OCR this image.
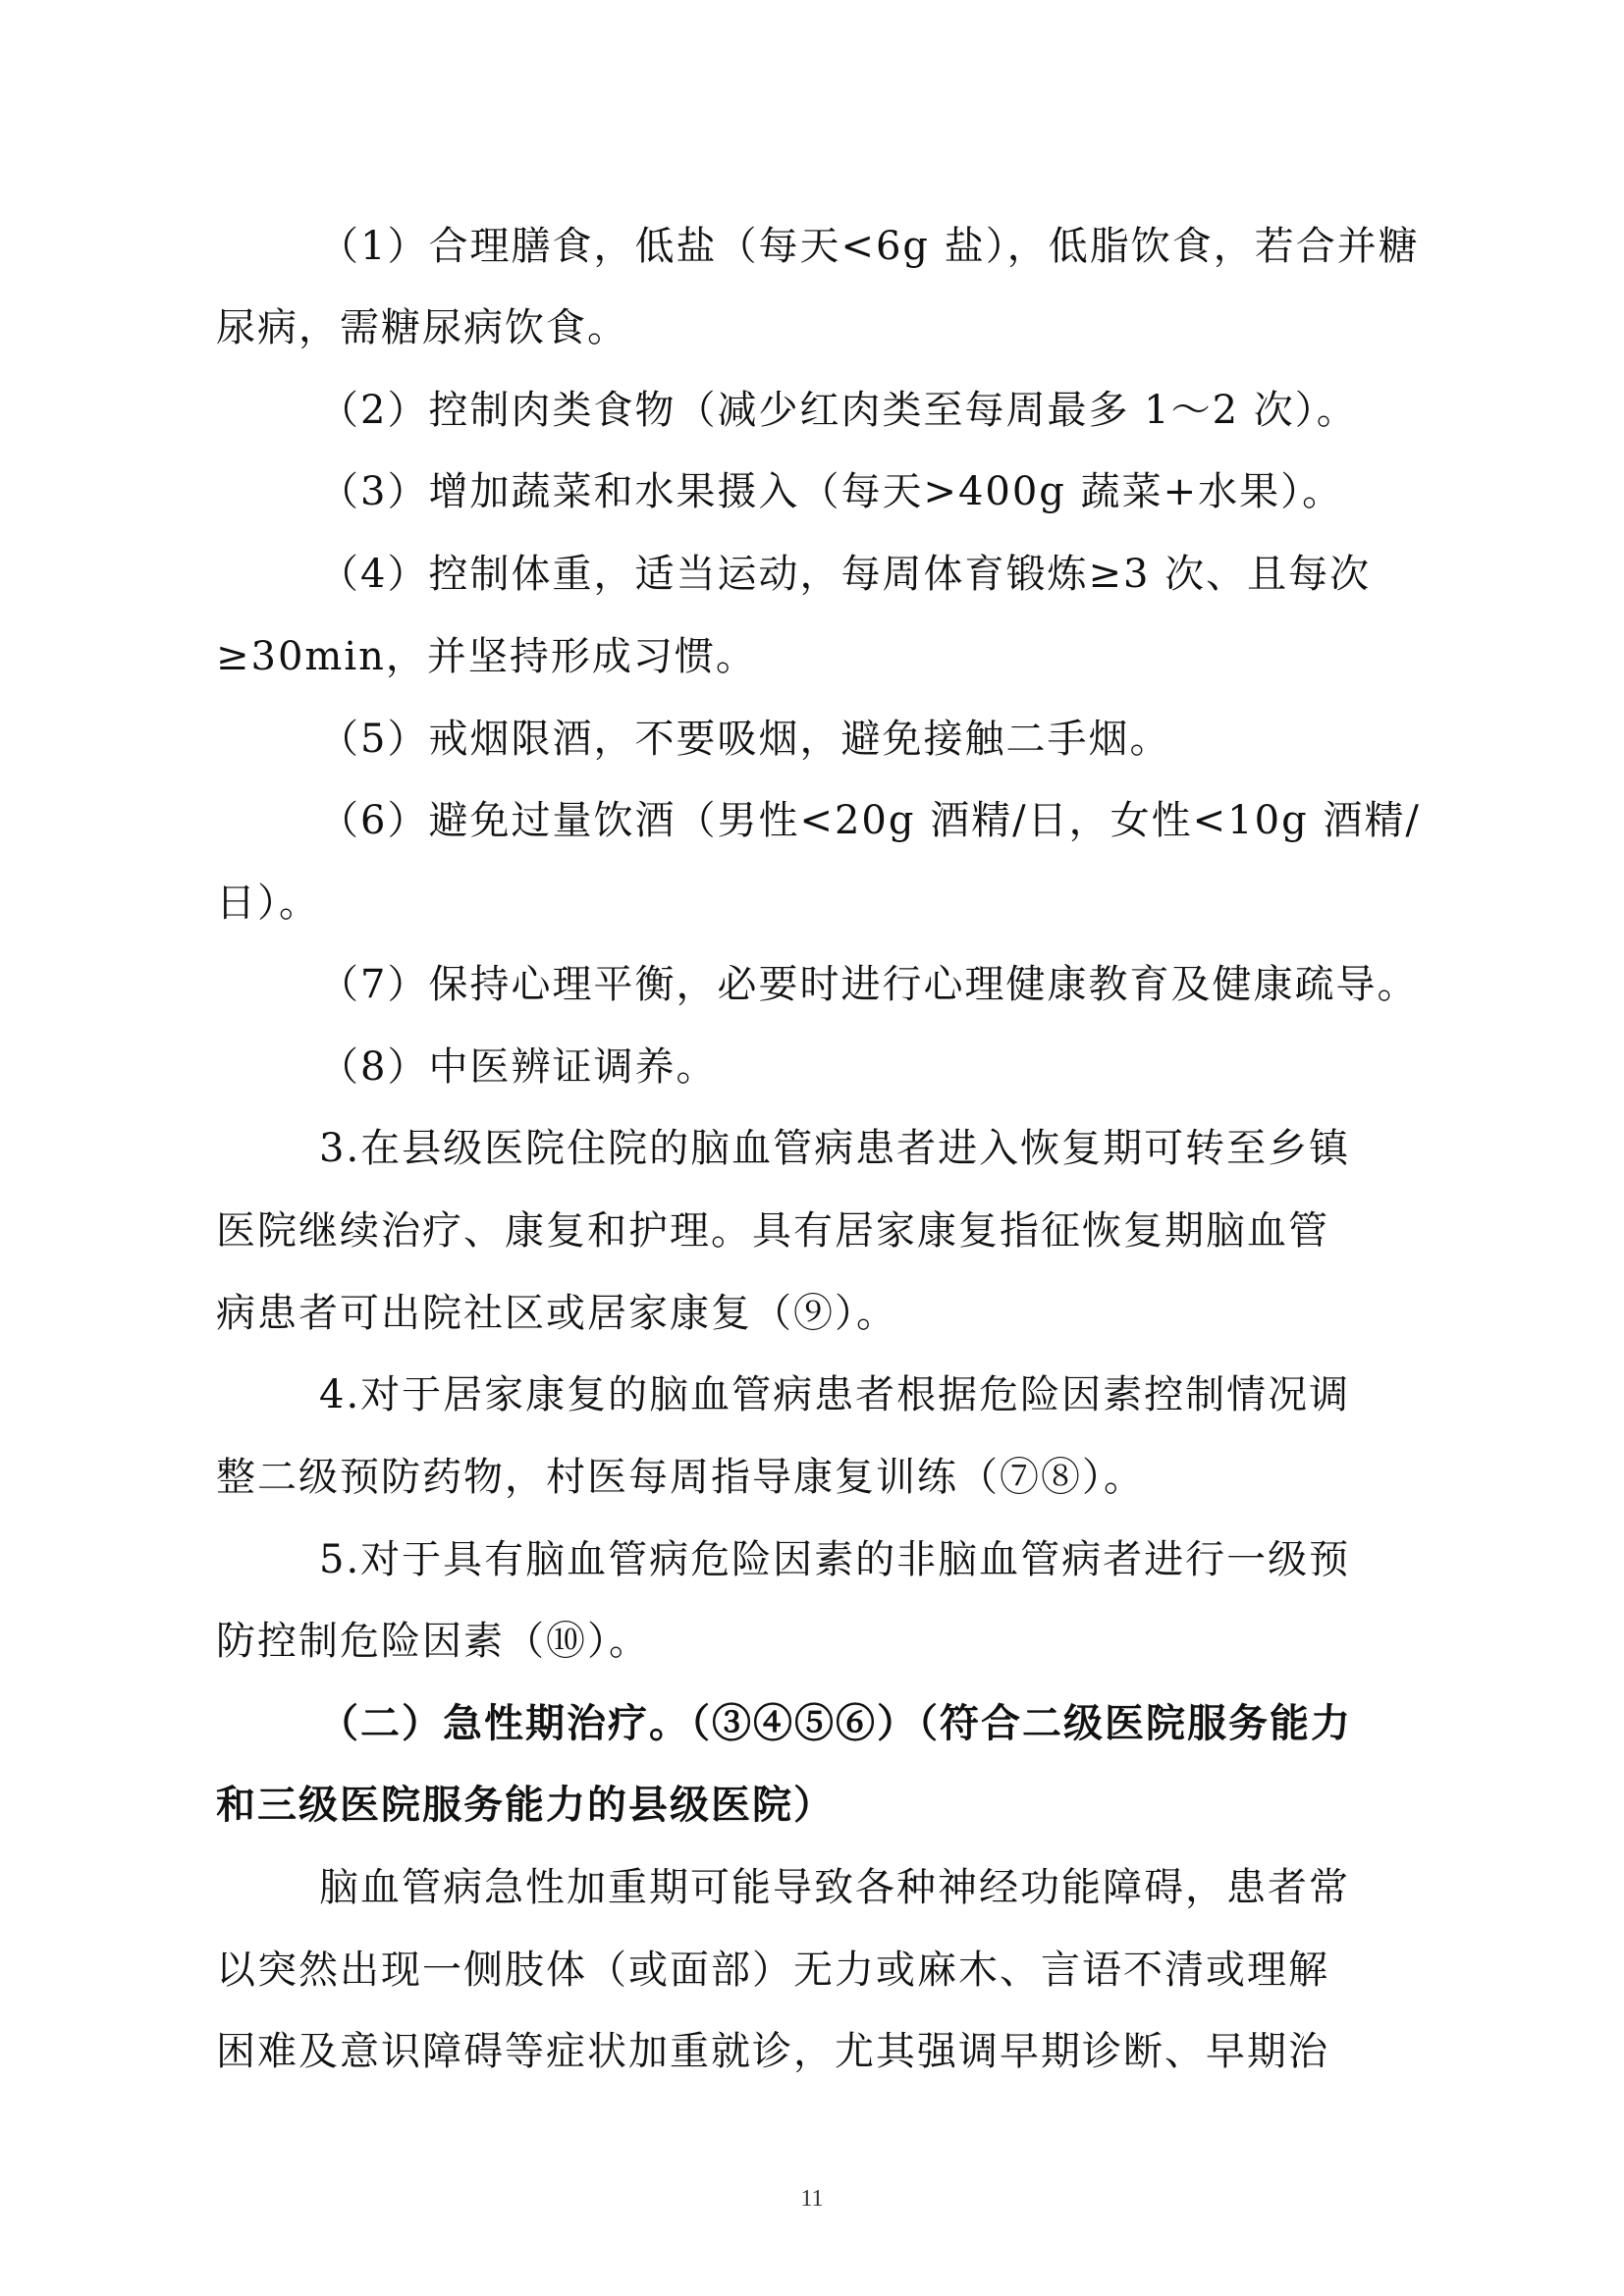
（1）合理膳食，低盐（每天<6g 盐），低脂饮食，若合并糖
尿病，需糖尿病饮食。
（2）控制肉类食物（减少红肉类至每周最多 1～2 次）。
（3）增加蔬菜和水果摄入（每天>400g 蔬菜+水果）。
（4）控制体重，适当运动，每周体育锻炼≥3 次、且每次
≥30min，并坚持形成习惯。
（5）戒烟限酒，不要吸烟，避免接触二手烟。
（6）避免过量饮酒（男性<20g 酒精/日，女性<10g 酒精/
日）。
（7）保持心理平衡，必要时进行心理健康教育及健康疏导。
（8）中医辨证调养。
3.在县级医院住院的脑血管病患者进入恢复期可转至乡镇
医院继续治疗、康复和护理。具有居家康复指征恢复期脑血管
病患者可出院社区或居家康复（⑨）。
4.对于居家康复的脑血管病患者根据危险因素控制情况调
整二级预防药物，村医每周指导康复训练（⑦⑧）。
5.对于具有脑血管病危险因素的非脑血管病者进行一级预
防控制危险因素（⑩）。
（二）急性期治疗。（③④⑤⑥）（符合二级医院服务能力
和三级医院服务能力的县级医院）
脑血管病急性加重期可能导致各种神经功能障碍，患者常
以突然出现一侧肢体（或面部）无力或麻木、言语不清或理解
困难及意识障碍等症状加重就诊，尤其强调早期诊断、早期治
11
